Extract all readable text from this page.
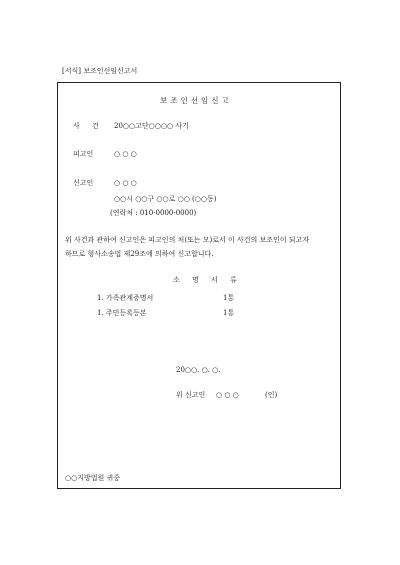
[서식] 보조인선임신고서
보조인선임신고
사 건 20○○고단○○○○ 사기
피고인	○ ○ ○
신고인	○ ○ ○
○○시 ○○구 ○○로 ○○ (○○동)
(연락처 : 010-0000-0000)
위 사건과 관하여 신고인은 피고인의 처(또는 모)로서 이 사건의 보조인이 되고자
하므로 형사소송법 제29조에 의하여 신고합니다.
소 명 서 류
1. 가족관계증명서	1통
1. 주민등록등본	1통
20○○. ○. ○.
위 신고인 ○ ○ ○	(인)
○○지방법원 귀중
